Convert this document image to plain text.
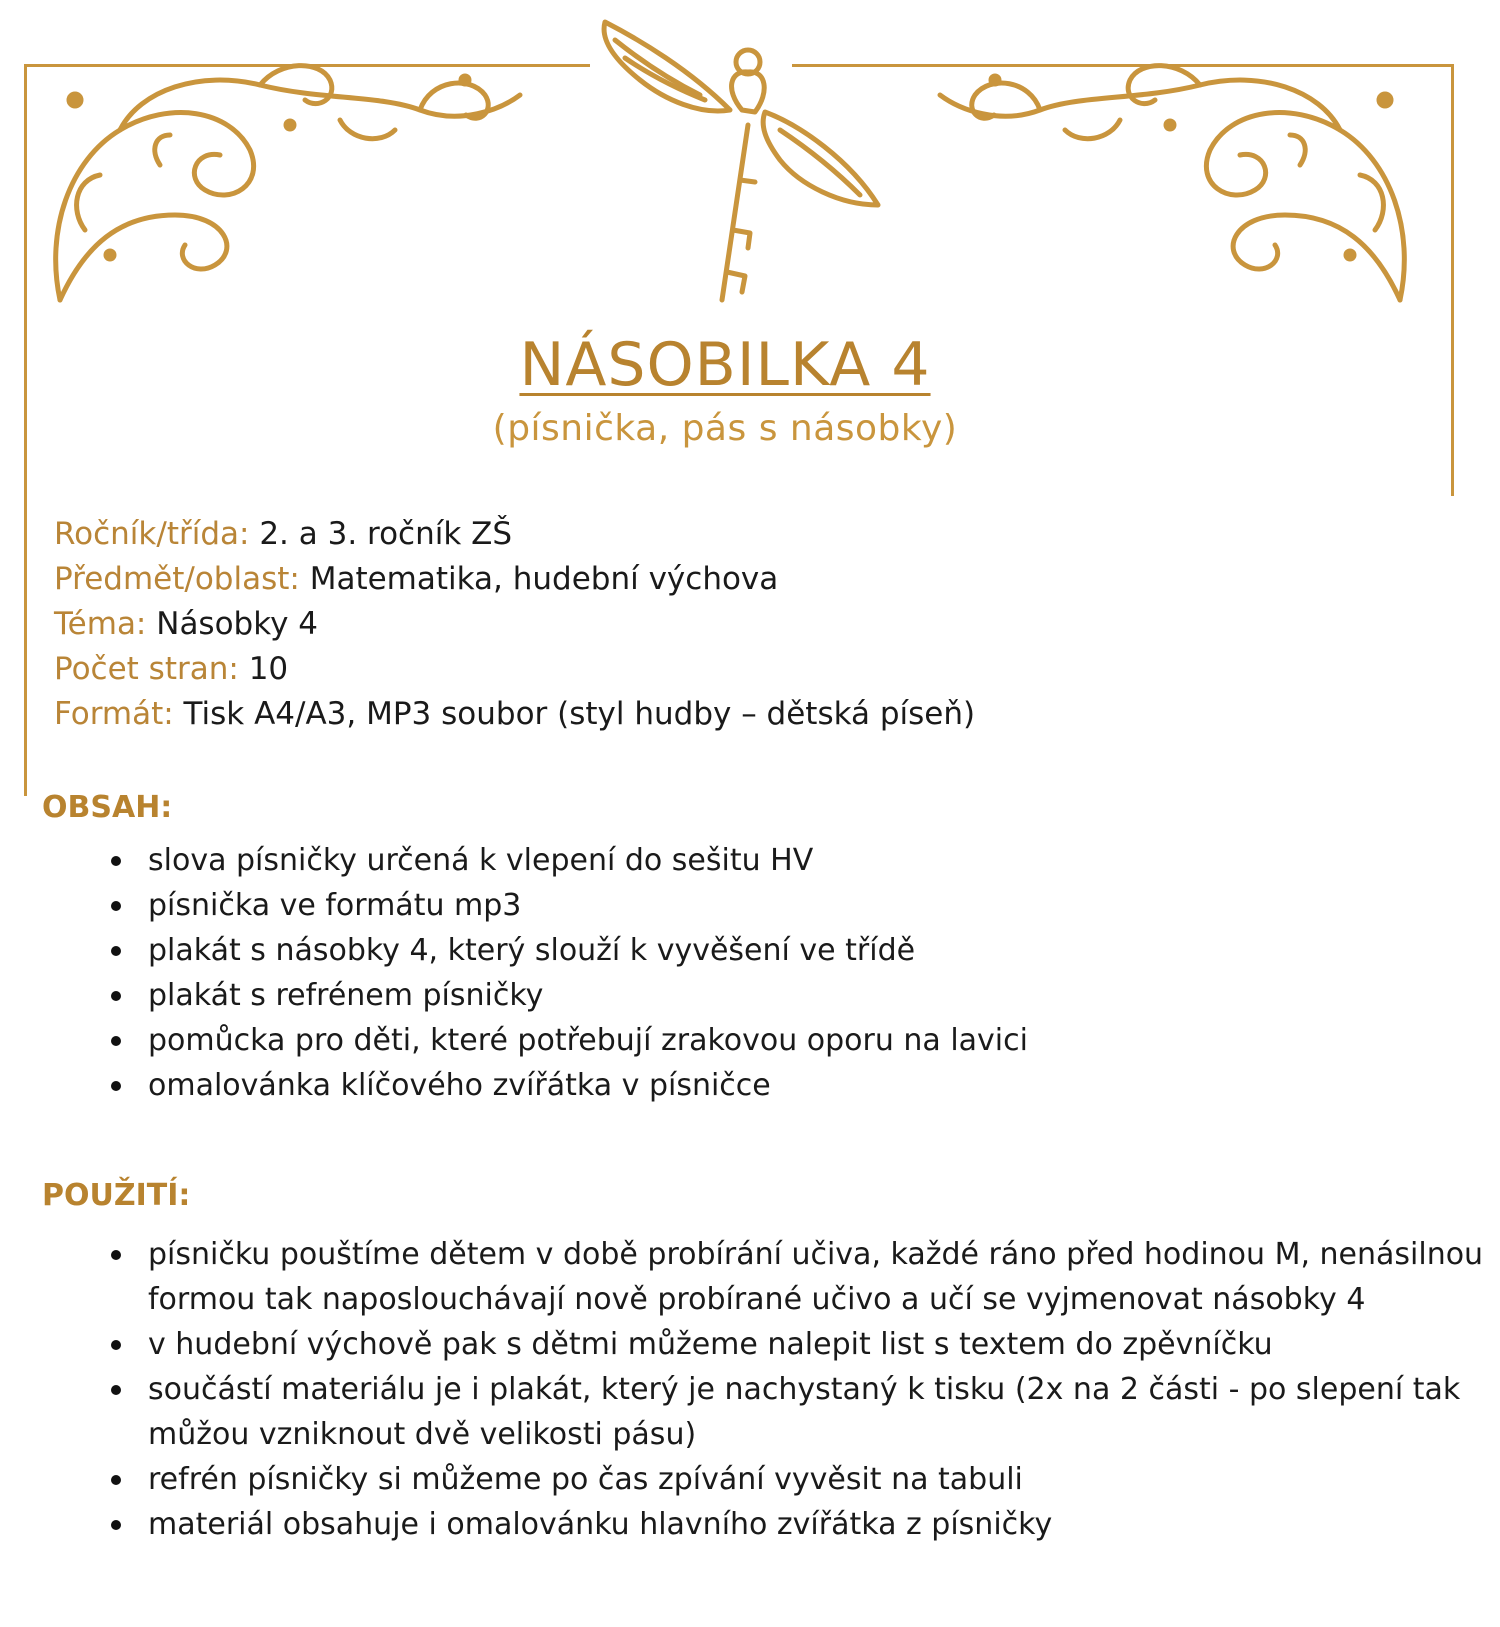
NÁSOBILKA 4
(písnička, pás s násobky)
Ročník/třída: 2. a 3. ročník ZŠ
Předmět/oblast: Matematika, hudební výchova
Téma: Násobky 4
Počet stran: 10
Formát: Tisk A4/A3, MP3 soubor (styl hudby – dětská píseň)
OBSAH:
slova písničky určená k vlepení do sešitu HV
písnička ve formátu mp3
plakát s násobky 4, který slouží k vyvěšení ve třídě
plakát s refrénem písničky
pomůcka pro děti, které potřebují zrakovou oporu na lavici
omalovánka klíčového zvířátka v písničce
POUŽITÍ:
písničku pouštíme dětem v době probírání učiva, každé ráno před hodinou M, nenásilnou formou tak naposlouchávají nově probírané učivo a učí se vyjmenovat násobky 4
v hudební výchově pak s dětmi můžeme nalepit list s textem do zpěvníčku
součástí materiálu je i plakát, který je nachystaný k tisku (2x na 2 části - po slepení tak můžou vzniknout dvě velikosti pásu)
refrén písničky si můžeme po čas zpívání vyvěsit na tabuli
materiál obsahuje i omalovánku hlavního zvířátka z písničky
